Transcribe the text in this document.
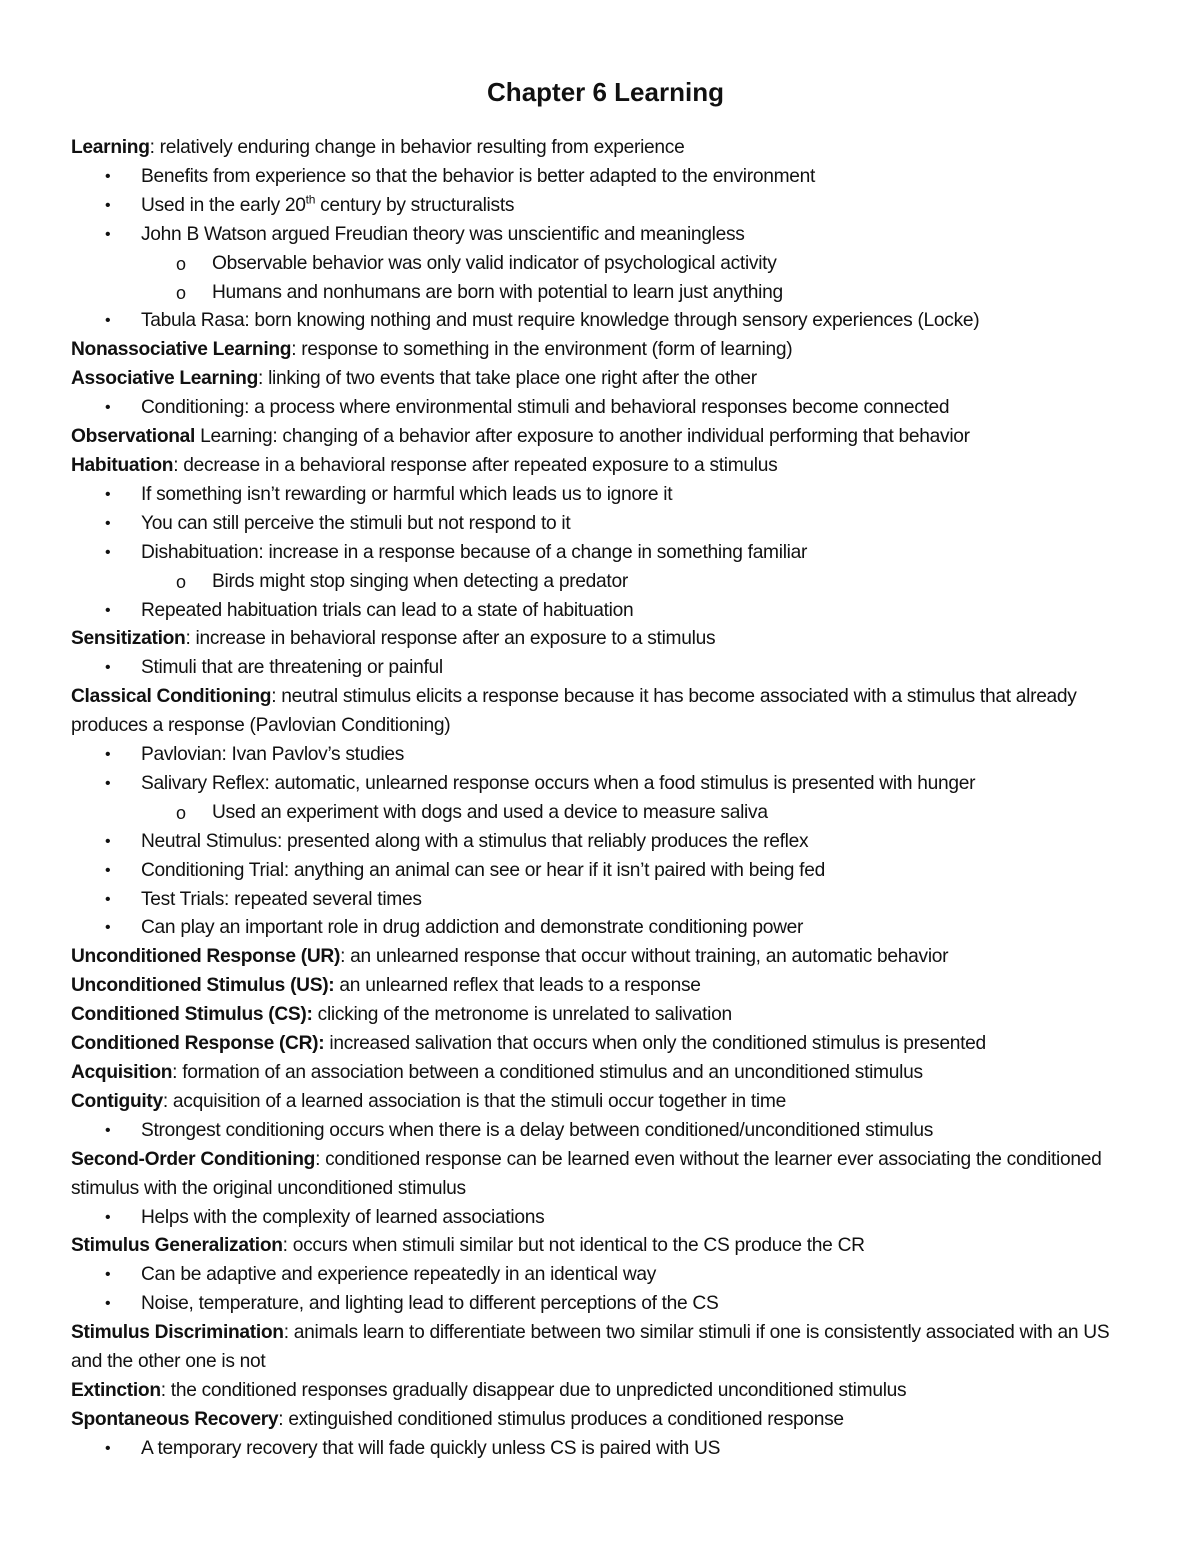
Chapter 6 Learning
Learning: relatively enduring change in behavior resulting from experience
• Benefits from experience so that the behavior is better adapted to the environment
• Used in the early 20th century by structuralists
• John B Watson argued Freudian theory was unscientific and meaningless
o Observable behavior was only valid indicator of psychological activity
o Humans and nonhumans are born with potential to learn just anything
• Tabula Rasa: born knowing nothing and must require knowledge through sensory experiences (Locke)
Nonassociative Learning: response to something in the environment (form of learning)
Associative Learning: linking of two events that take place one right after the other
• Conditioning: a process where environmental stimuli and behavioral responses become connected
Observational Learning: changing of a behavior after exposure to another individual performing that behavior
Habituation: decrease in a behavioral response after repeated exposure to a stimulus
• If something isn’t rewarding or harmful which leads us to ignore it
• You can still perceive the stimuli but not respond to it
• Dishabituation: increase in a response because of a change in something familiar
o Birds might stop singing when detecting a predator
• Repeated habituation trials can lead to a state of habituation
Sensitization: increase in behavioral response after an exposure to a stimulus
• Stimuli that are threatening or painful
Classical Conditioning: neutral stimulus elicits a response because it has become associated with a stimulus that already produces a response (Pavlovian Conditioning)
• Pavlovian: Ivan Pavlov’s studies
• Salivary Reflex: automatic, unlearned response occurs when a food stimulus is presented with hunger
o Used an experiment with dogs and used a device to measure saliva
• Neutral Stimulus: presented along with a stimulus that reliably produces the reflex
• Conditioning Trial: anything an animal can see or hear if it isn’t paired with being fed
• Test Trials: repeated several times
• Can play an important role in drug addiction and demonstrate conditioning power
Unconditioned Response (UR): an unlearned response that occur without training, an automatic behavior
Unconditioned Stimulus (US): an unlearned reflex that leads to a response
Conditioned Stimulus (CS): clicking of the metronome is unrelated to salivation
Conditioned Response (CR): increased salivation that occurs when only the conditioned stimulus is presented
Acquisition: formation of an association between a conditioned stimulus and an unconditioned stimulus
Contiguity: acquisition of a learned association is that the stimuli occur together in time
• Strongest conditioning occurs when there is a delay between conditioned/unconditioned stimulus
Second-Order Conditioning: conditioned response can be learned even without the learner ever associating the conditioned stimulus with the original unconditioned stimulus
• Helps with the complexity of learned associations
Stimulus Generalization: occurs when stimuli similar but not identical to the CS produce the CR
• Can be adaptive and experience repeatedly in an identical way
• Noise, temperature, and lighting lead to different perceptions of the CS
Stimulus Discrimination: animals learn to differentiate between two similar stimuli if one is consistently associated with an US and the other one is not
Extinction: the conditioned responses gradually disappear due to unpredicted unconditioned stimulus
Spontaneous Recovery: extinguished conditioned stimulus produces a conditioned response
• A temporary recovery that will fade quickly unless CS is paired with US
